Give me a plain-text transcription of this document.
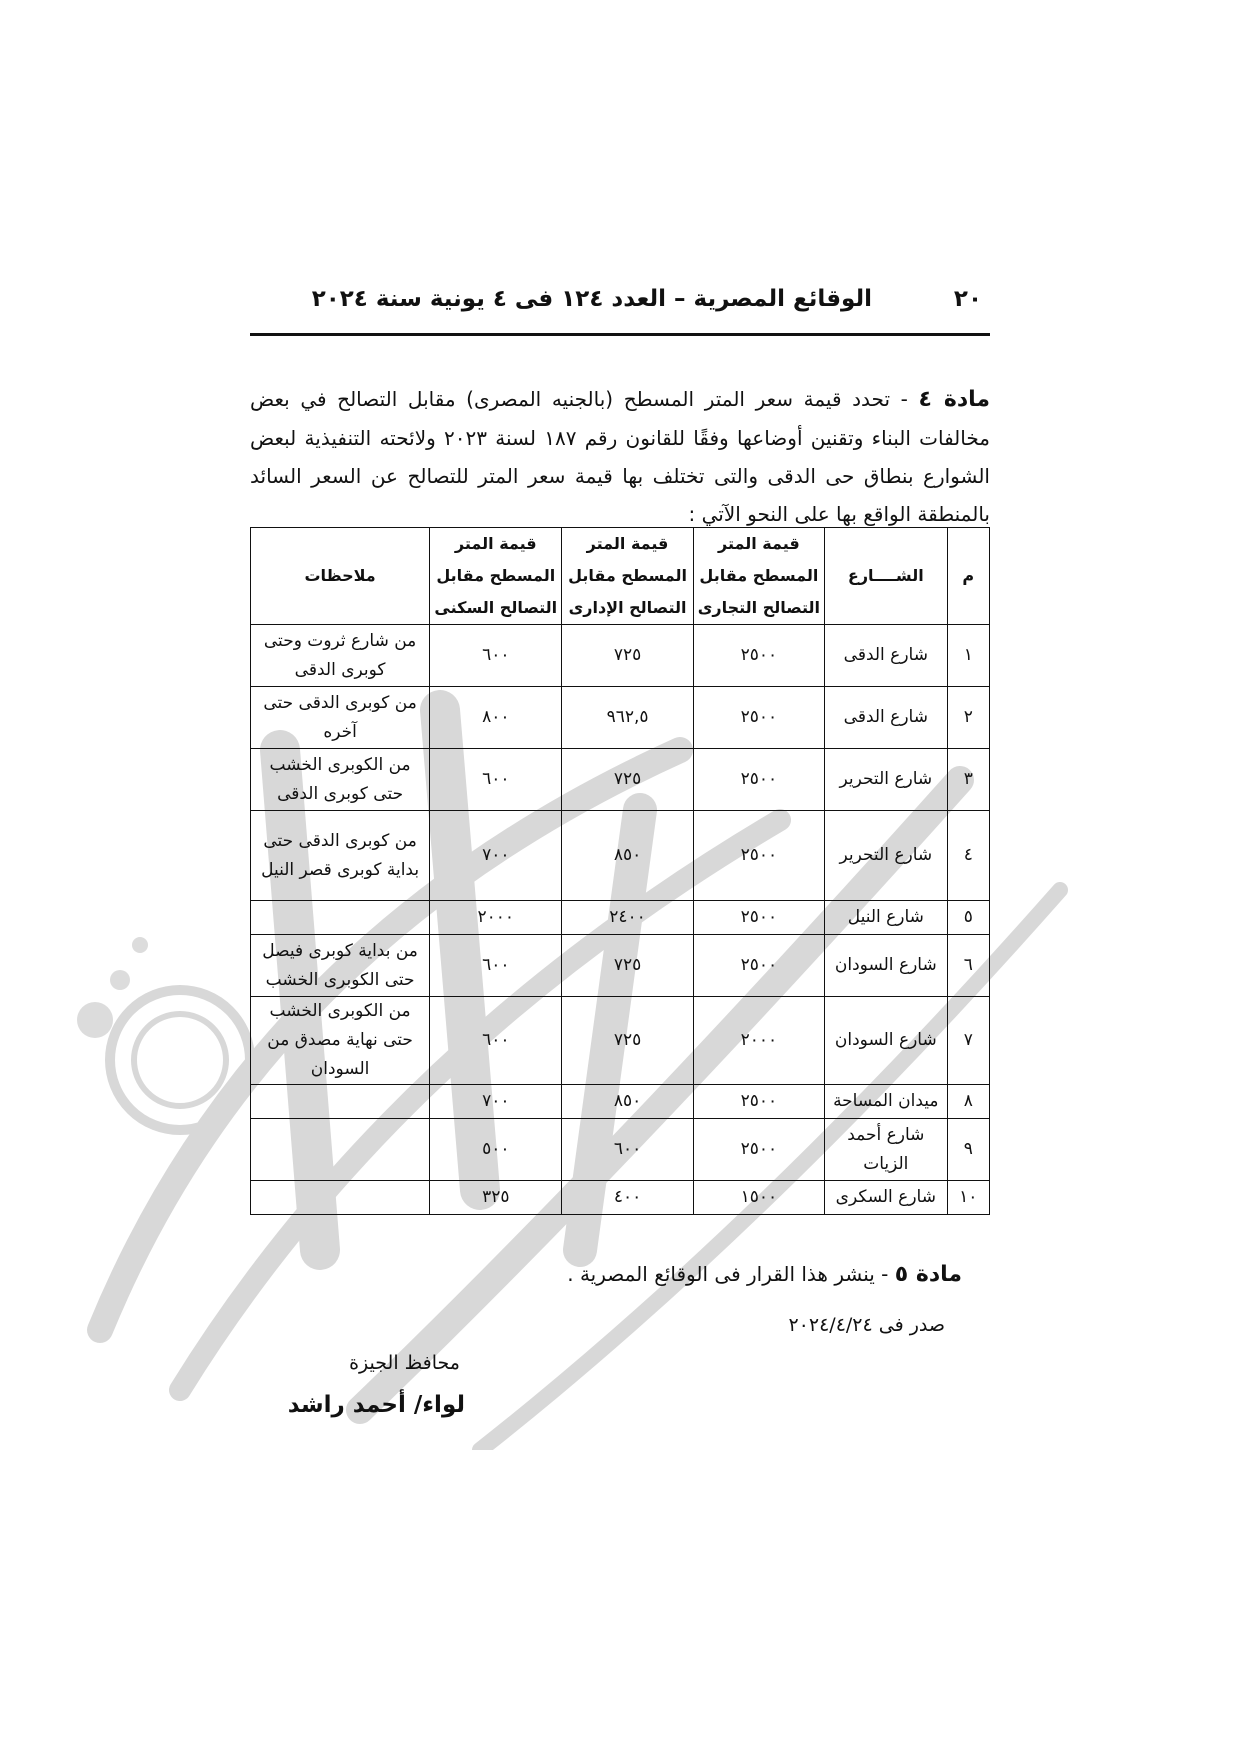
٢٠
الوقائع المصرية – العدد ١٢٤ فى ٤ يونية سنة ٢٠٢٤

مادة ٤ - تحدد قيمة سعر المتر المسطح (بالجنيه المصرى) مقابل التصالح في بعض مخالفات البناء وتقنين أوضاعها وفقًا للقانون رقم ١٨٧ لسنة ٢٠٢٣ ولائحته التنفيذية لبعض الشوارع بنطاق حى الدقى والتى تختلف بها قيمة سعر المتر للتصالح عن السعر السائد بالمنطقة الواقع بها على النحو الآتي :

م	الشــــارع	قيمة المتر المسطح مقابل التصالح التجارى	قيمة المتر المسطح مقابل التصالح الإدارى	قيمة المتر المسطح مقابل التصالح السكنى	ملاحظات
١	شارع الدقى	٢٥٠٠	٧٢٥	٦٠٠	من شارع ثروت وحتى كوبرى الدقى
٢	شارع الدقى	٢٥٠٠	٩٦٢,٥	٨٠٠	من كوبرى الدقى حتى آخره
٣	شارع التحرير	٢٥٠٠	٧٢٥	٦٠٠	من الكوبرى الخشب حتى كوبرى الدقى
٤	شارع التحرير	٢٥٠٠	٨٥٠	٧٠٠	من كوبرى الدقى حتى بداية كوبرى قصر النيل
٥	شارع النيل	٢٥٠٠	٢٤٠٠	٢٠٠٠	
٦	شارع السودان	٢٥٠٠	٧٢٥	٦٠٠	من بداية كوبرى فيصل حتى الكوبرى الخشب
٧	شارع السودان	٢٠٠٠	٧٢٥	٦٠٠	من الكوبرى الخشب حتى نهاية مصدق من السودان
٨	ميدان المساحة	٢٥٠٠	٨٥٠	٧٠٠	
٩	شارع أحمد الزيات	٢٥٠٠	٦٠٠	٥٠٠	
١٠	شارع السكرى	١٥٠٠	٤٠٠	٣٢٥	
مادة ٥ - ينشر هذا القرار فى الوقائع المصرية .
صدر فى ٢٠٢٤/٤/٢٤
محافظ الجيزة
لواء/ أحمد راشد
